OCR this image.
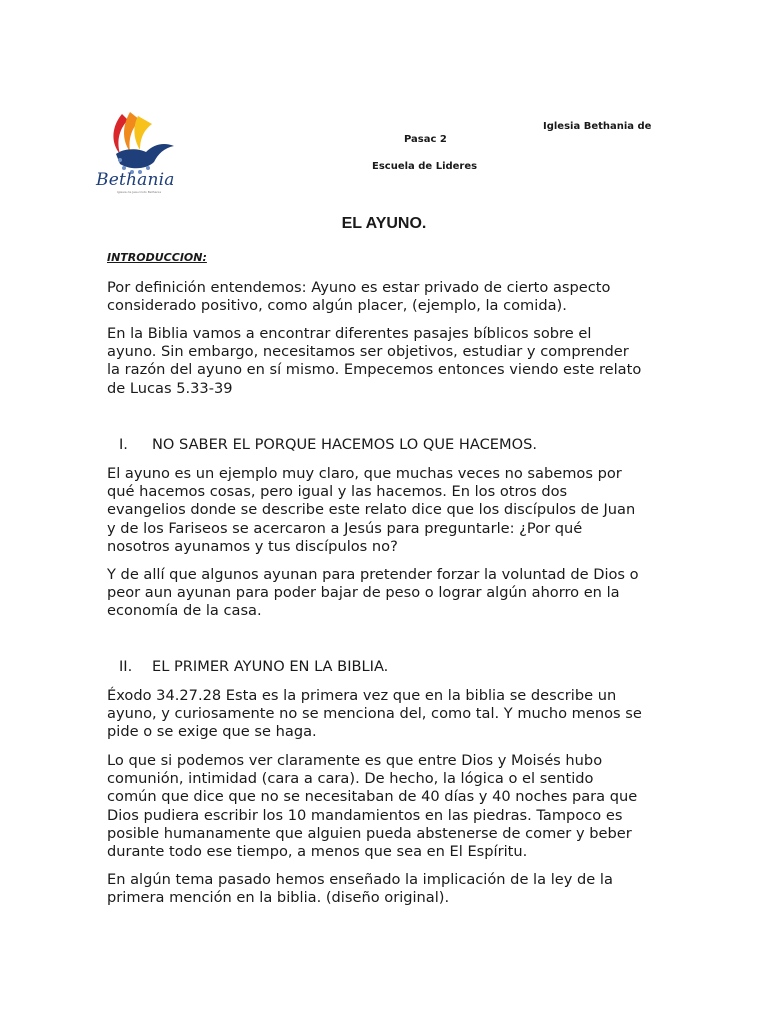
Bethania
Iglesia de Jesucristo Bethania
Iglesia Bethania de
Pasac 2
Escuela de Lideres
EL AYUNO.
INTRODUCCION:

Por definición entendemos: Ayuno es estar privado de cierto aspecto
considerado positivo, como algún placer, (ejemplo, la comida).

En la Biblia vamos a encontrar diferentes pasajes bíblicos sobre el
ayuno. Sin embargo, necesitamos ser objetivos, estudiar y comprender
la razón del ayuno en sí mismo. Empecemos entonces viendo este relato
de Lucas 5.33-39

I. NO SABER EL PORQUE HACEMOS LO QUE HACEMOS.

El ayuno es un ejemplo muy claro, que muchas veces no sabemos por
qué hacemos cosas, pero igual y las hacemos. En los otros dos
evangelios donde se describe este relato dice que los discípulos de Juan
y de los Fariseos se acercaron a Jesús para preguntarle: ¿Por qué
nosotros ayunamos y tus discípulos no?

Y de allí que algunos ayunan para pretender forzar la voluntad de Dios o
peor aun ayunan para poder bajar de peso o lograr algún ahorro en la
economía de la casa.

II. EL PRIMER AYUNO EN LA BIBLIA.

Éxodo 34.27.28 Esta es la primera vez que en la biblia se describe un
ayuno, y curiosamente no se menciona del, como tal. Y mucho menos se
pide o se exige que se haga.

Lo que si podemos ver claramente es que entre Dios y Moisés hubo
comunión, intimidad (cara a cara). De hecho, la lógica o el sentido
común que dice que no se necesitaban de 40 días y 40 noches para que
Dios pudiera escribir los 10 mandamientos en las piedras. Tampoco es
posible humanamente que alguien pueda abstenerse de comer y beber
durante todo ese tiempo, a menos que sea en El Espíritu.

En algún tema pasado hemos enseñado la implicación de la ley de la
primera mención en la biblia. (diseño original).
